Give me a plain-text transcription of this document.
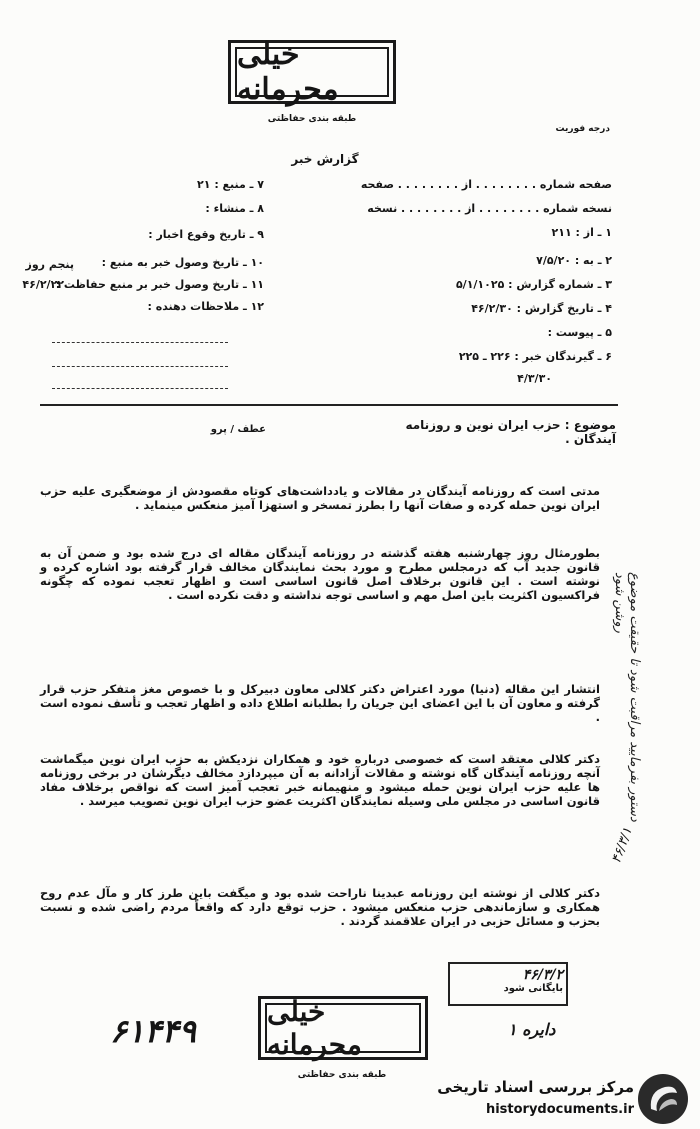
خیلی محرمانه
طبقه بندی حفاظتی
درجه فوریت
گزارش خبر
صفحه شماره . . . . . . . . از . . . . . . . . صفحه
نسخه شماره . . . . . . . . از . . . . . . . . نسخه
۱ ـ از : ۲۱۱
۲ ـ به : ۷/۵/۲۰
۳ ـ شماره گزارش : ۵/۱/۱۰۲۵
۴ ـ تاریخ گزارش : ۴۶/۲/۳۰
۵ ـ پیوست :
۶ ـ گیرندگان خبر : ۲۲۶ ـ ۲۲۵
۴/۳/۳۰
۷ ـ منبع : ۲۱
۸ ـ منشاء :
۹ ـ تاریخ وقوع اخبار :
۱۰ ـ تاریخ وصول خبر به منبع :
۱۱ ـ تاریخ وصول خبر بر منبع حفاظت :
۱۲ ـ ملاحظات دهنده :
پنجم روز
۴۶/۲/۲۲
عطف / پرو	موضوع : حزب ایران نوین و روزنامه آیندگان .
مدتی است که روزنامه آیندگان در مقالات و یادداشت‌های کوتاه مقصودش از موضعگیری علیه حزب ایران نوین حمله کرده و صفات آنها را بطرز تمسخر و استهزا آمیز منعکس مینماید .
بطورمثال روز چهارشنبه هفته گذشته در روزنامه آیندگان مقاله ای درج شده بود و ضمن آن به قانون جدید آب که درمجلس مطرح و مورد بحث نمایندگان مخالف قرار گرفته بود اشاره کرده و نوشته است . این قانون برخلاف اصل قانون اساسی است و اظهار تعجب نموده که چگونه فراکسیون اکثریت باین اصل مهم و اساسی توجه نداشته و دقت نکرده است .
انتشار این مقاله (دنیا) مورد اعتراض دکتر کلالی معاون دبیرکل و با خصوص مغز متفکر حزب قرار گرفته و معاون آن با این اعضای این جریان را بطلبانه اطلاع داده و اظهار تعجب و تأسف نموده است .
دکتر کلالی معتقد است که خصوصی درباره خود و همکاران نزدیکش به حزب ایران نوین میگماشت آنچه روزنامه آیندگان گاه نوشته و مقالات آزادانه به آن میپردازد مخالف دیگرشان در برخی روزنامه ها علیه حزب ایران نوین حمله میشود و منهیمانه خبر تعجب آمیز است که نواقص برخلاف مفاد قانون اساسی در مجلس ملی وسیله نمایندگان اکثریت عضو حزب ایران نوین تصویب میرسد .
دکتر کلالی از نوشته این روزنامه عبدینا ناراحت شده بود و میگفت باین طرز کار و مآل عدم روح همکاری و سازماندهی حزب منعکس میشود . حزب توقع دارد که واقعاً مردم راضی شده و نسبت بحزب و مسائل حزبی در ایران علاقمند گردند .
دستور بفرمایید مراقبت شود تا حقیقت موضوع روشن شود
۴۶/۳/۱
۶۱۴۴۹
خیلی محرمانه
طبقه بندی حفاظتی
۴۶/۳/۲
بایگانی شود
دایره ۱
مرکز بررسی اسناد تاریخی
historydocuments.ir
